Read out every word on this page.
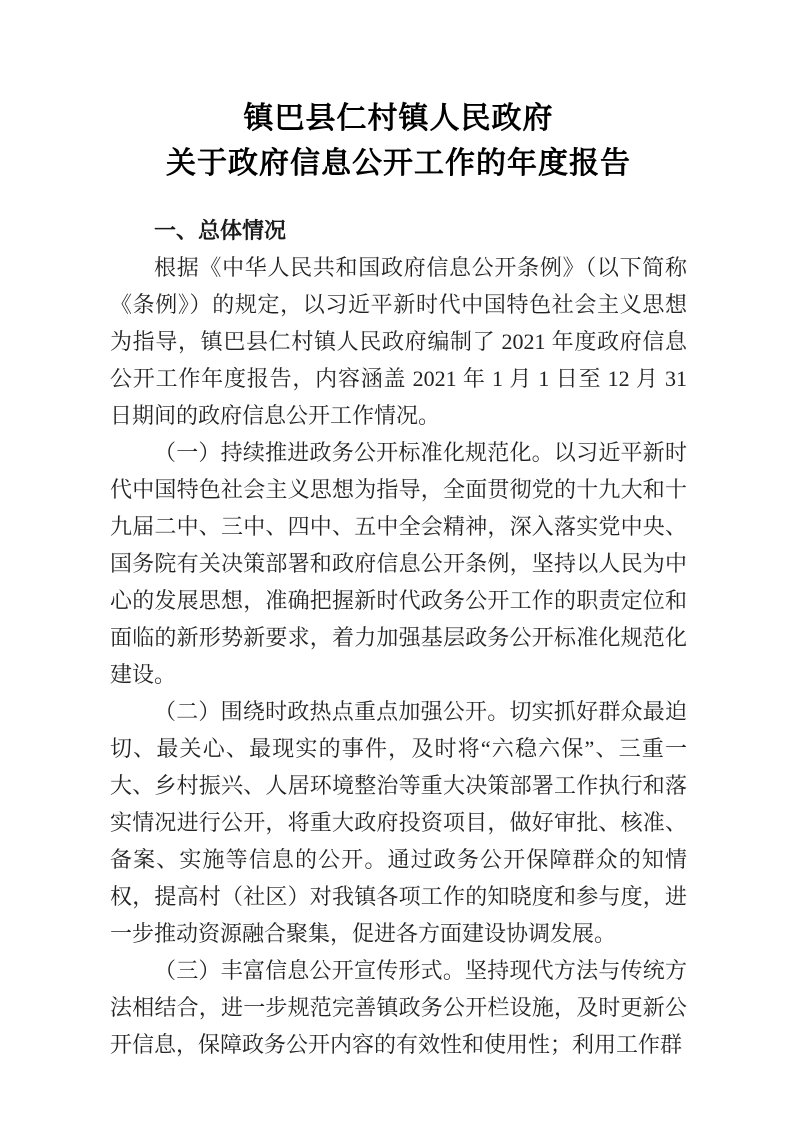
镇巴县仁村镇人民政府
关于政府信息公开工作的年度报告
一、总体情况

根据《中华人民共和国政府信息公开条例》（以下简称《条例》）的规定，以习近平新时代中国特色社会主义思想为指导，镇巴县仁村镇人民政府编制了 2021 年度政府信息公开工作年度报告，内容涵盖 2021 年 1 月 1 日至 12 月 31 日期间的政府信息公开工作情况。

（一）持续推进政务公开标准化规范化。以习近平新时代中国特色社会主义思想为指导，全面贯彻党的十九大和十九届二中、三中、四中、五中全会精神，深入落实党中央、国务院有关决策部署和政府信息公开条例，坚持以人民为中心的发展思想，准确把握新时代政务公开工作的职责定位和面临的新形势新要求，着力加强基层政务公开标准化规范化建设。

（二）围绕时政热点重点加强公开。切实抓好群众最迫切、最关心、最现实的事件，及时将“六稳六保”、三重一大、乡村振兴、人居环境整治等重大决策部署工作执行和落实情况进行公开，将重大政府投资项目，做好审批、核准、备案、实施等信息的公开。通过政务公开保障群众的知情权，提高村（社区）对我镇各项工作的知晓度和参与度，进一步推动资源融合聚集，促进各方面建设协调发展。

（三）丰富信息公开宣传形式。坚持现代方法与传统方法相结合，进一步规范完善镇政务公开栏设施，及时更新公开信息，保障政务公开内容的有效性和使用性；利用工作群
